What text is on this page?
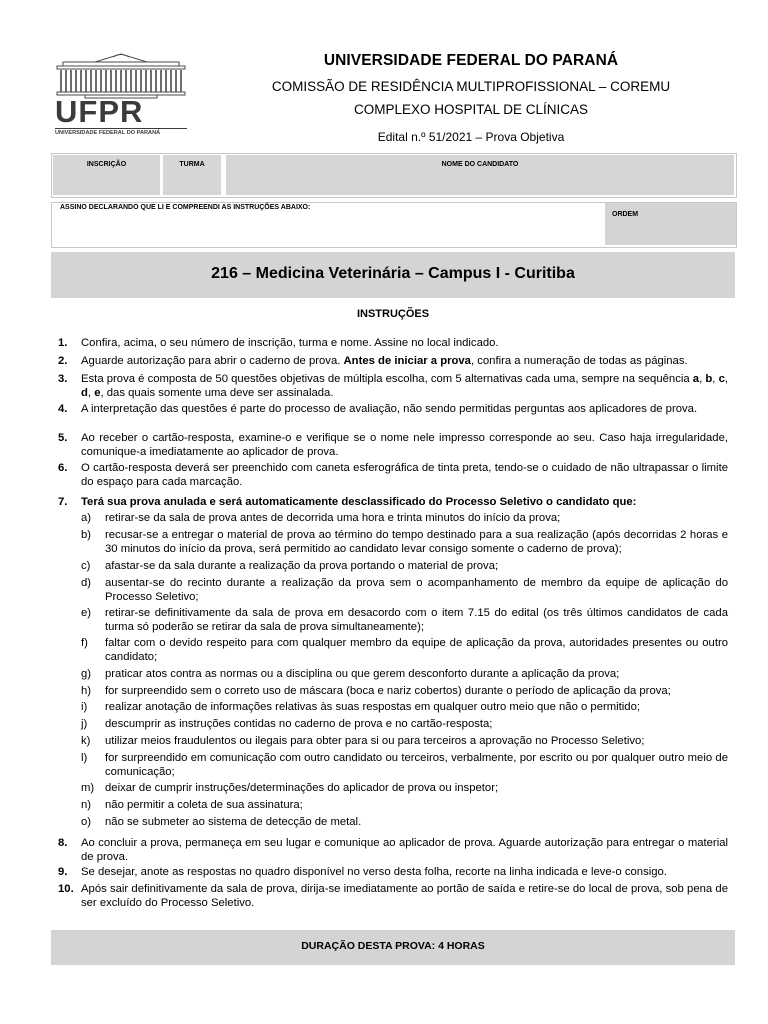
UFPR
UNIVERSIDADE FEDERAL DO PARANÁ
UNIVERSIDADE FEDERAL DO PARANÁ
COMISSÃO DE RESIDÊNCIA MULTIPROFISSIONAL – COREMU
COMPLEXO HOSPITAL DE CLÍNICAS
Edital n.º 51/2021 – Prova Objetiva
INSCRIÇÃO	TURMA	NOME DO CANDIDATO
ASSINO DECLARANDO QUE LI E COMPREENDI AS INSTRUÇÕES ABAIXO:
ORDEM
216 – Medicina Veterinária – Campus I - Curitiba
INSTRUÇÕES
1. Confira, acima, o seu número de inscrição, turma e nome. Assine no local indicado.
2. Aguarde autorização para abrir o caderno de prova. Antes de iniciar a prova, confira a numeração de todas as páginas.
3. Esta prova é composta de 50 questões objetivas de múltipla escolha, com 5 alternativas cada uma, sempre na sequência a, b, c, d, e, das quais somente uma deve ser assinalada.
4. A interpretação das questões é parte do processo de avaliação, não sendo permitidas perguntas aos aplicadores de prova.
5. Ao receber o cartão-resposta, examine-o e verifique se o nome nele impresso corresponde ao seu. Caso haja irregularidade, comunique-a imediatamente ao aplicador de prova.
6. O cartão-resposta deverá ser preenchido com caneta esferográfica de tinta preta, tendo-se o cuidado de não ultrapassar o limite do espaço para cada marcação.
7. Terá sua prova anulada e será automaticamente desclassificado do Processo Seletivo o candidato que:
a) retirar-se da sala de prova antes de decorrida uma hora e trinta minutos do início da prova;
b) recusar-se a entregar o material de prova ao término do tempo destinado para a sua realização (após decorridas 2 horas e 30 minutos do início da prova, será permitido ao candidato levar consigo somente o caderno de prova);
c) afastar-se da sala durante a realização da prova portando o material de prova;
d) ausentar-se do recinto durante a realização da prova sem o acompanhamento de membro da equipe de aplicação do Processo Seletivo;
e) retirar-se definitivamente da sala de prova em desacordo com o item 7.15 do edital (os três últimos candidatos de cada turma só poderão se retirar da sala de prova simultaneamente);
f) faltar com o devido respeito para com qualquer membro da equipe de aplicação da prova, autoridades presentes ou outro candidato;
g) praticar atos contra as normas ou a disciplina ou que gerem desconforto durante a aplicação da prova;
h) for surpreendido sem o correto uso de máscara (boca e nariz cobertos) durante o período de aplicação da prova;
i) realizar anotação de informações relativas às suas respostas em qualquer outro meio que não o permitido;
j) descumprir as instruções contidas no caderno de prova e no cartão-resposta;
k) utilizar meios fraudulentos ou ilegais para obter para si ou para terceiros a aprovação no Processo Seletivo;
l) for surpreendido em comunicação com outro candidato ou terceiros, verbalmente, por escrito ou por qualquer outro meio de comunicação;
m) deixar de cumprir instruções/determinações do aplicador de prova ou inspetor;
n) não permitir a coleta de sua assinatura;
o) não se submeter ao sistema de detecção de metal.
8. Ao concluir a prova, permaneça em seu lugar e comunique ao aplicador de prova. Aguarde autorização para entregar o material de prova.
9. Se desejar, anote as respostas no quadro disponível no verso desta folha, recorte na linha indicada e leve-o consigo.
10. Após sair definitivamente da sala de prova, dirija-se imediatamente ao portão de saída e retire-se do local de prova, sob pena de ser excluído do Processo Seletivo.
DURAÇÃO DESTA PROVA: 4 HORAS
